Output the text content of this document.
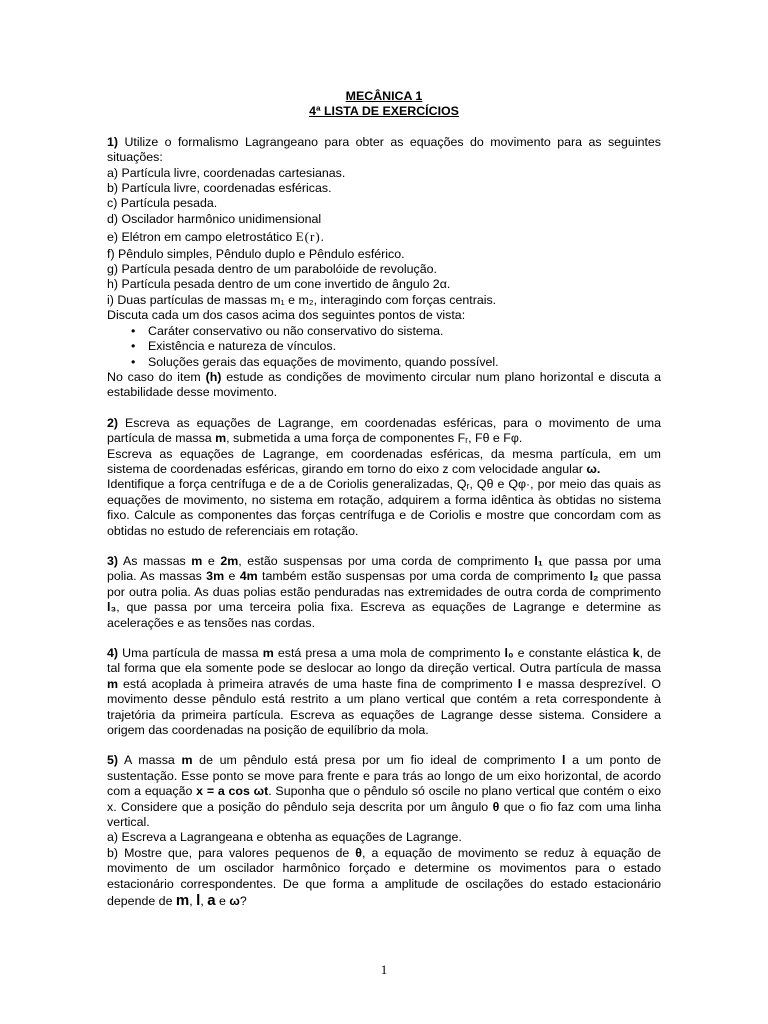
MECÂNICA 1

4ª LISTA DE EXERCÍCIOS

1) Utilize o formalismo Lagrangeano para obter as equações do movimento para as seguintes

situações:

a) Partícula livre, coordenadas cartesianas.

b) Partícula livre, coordenadas esféricas.

c) Partícula pesada.

d) Oscilador harmônico unidimensional

e) Elétron em campo eletrostático E(r).

f) Pêndulo simples, Pêndulo duplo e Pêndulo esférico.

g) Partícula pesada dentro de um parabolóide de revolução.

h) Partícula pesada dentro de um cone invertido de ângulo 2α.

i) Duas partículas de massas m₁ e m₂, interagindo com forças centrais.

Discuta cada um dos casos acima dos seguintes pontos de vista:

• Caráter conservativo ou não conservativo do sistema.
• Existência e natureza de vínculos.
• Soluções gerais das equações de movimento, quando possível.

No caso do item (h) estude as condições de movimento circular num plano horizontal e discuta a

estabilidade desse movimento.

2) Escreva as equações de Lagrange, em coordenadas esféricas, para o movimento de uma

partícula de massa m, submetida a uma força de componentes Fᵣ, Fθ e Fφ.

Escreva as equações de Lagrange, em coordenadas esféricas, da mesma partícula, em um

sistema de coordenadas esféricas, girando em torno do eixo z com velocidade angular ω.

Identifique a força centrífuga e de a de Coriolis generalizadas, Qᵣ, Qθ e Qφ·, por meio das quais as

equações de movimento, no sistema em rotação, adquirem a forma idêntica às obtidas no sistema

fixo. Calcule as componentes das forças centrífuga e de Coriolis e mostre que concordam com as

obtidas no estudo de referenciais em rotação.

3) As massas m e 2m, estão suspensas por uma corda de comprimento l₁ que passa por uma

polia. As massas 3m e 4m também estão suspensas por uma corda de comprimento l₂ que passa

por outra polia. As duas polias estão penduradas nas extremidades de outra corda de comprimento

l₃, que passa por uma terceira polia fixa. Escreva as equações de Lagrange e determine as

acelerações e as tensões nas cordas.

4) Uma partícula de massa m está presa a uma mola de comprimento l₀ e constante elástica k, de

tal forma que ela somente pode se deslocar ao longo da direção vertical. Outra partícula de massa

m está acoplada à primeira através de uma haste fina de comprimento l e massa desprezível. O

movimento desse pêndulo está restrito a um plano vertical que contém a reta correspondente à

trajetória da primeira partícula. Escreva as equações de Lagrange desse sistema. Considere a

origem das coordenadas na posição de equilíbrio da mola.

5) A massa m de um pêndulo está presa por um fio ideal de comprimento l a um ponto de

sustentação. Esse ponto se move para frente e para trás ao longo de um eixo horizontal, de acordo

com a equação x = a cos ωt. Suponha que o pêndulo só oscile no plano vertical que contém o eixo

x. Considere que a posição do pêndulo seja descrita por um ângulo θ que o fio faz com uma linha

vertical.

a) Escreva a Lagrangeana e obtenha as equações de Lagrange.

b) Mostre que, para valores pequenos de θ, a equação de movimento se reduz à equação de

movimento de um oscilador harmônico forçado e determine os movimentos para o estado

estacionário correspondentes. De que forma a amplitude de oscilações do estado estacionário

depende de m, l, a e ω?

1
